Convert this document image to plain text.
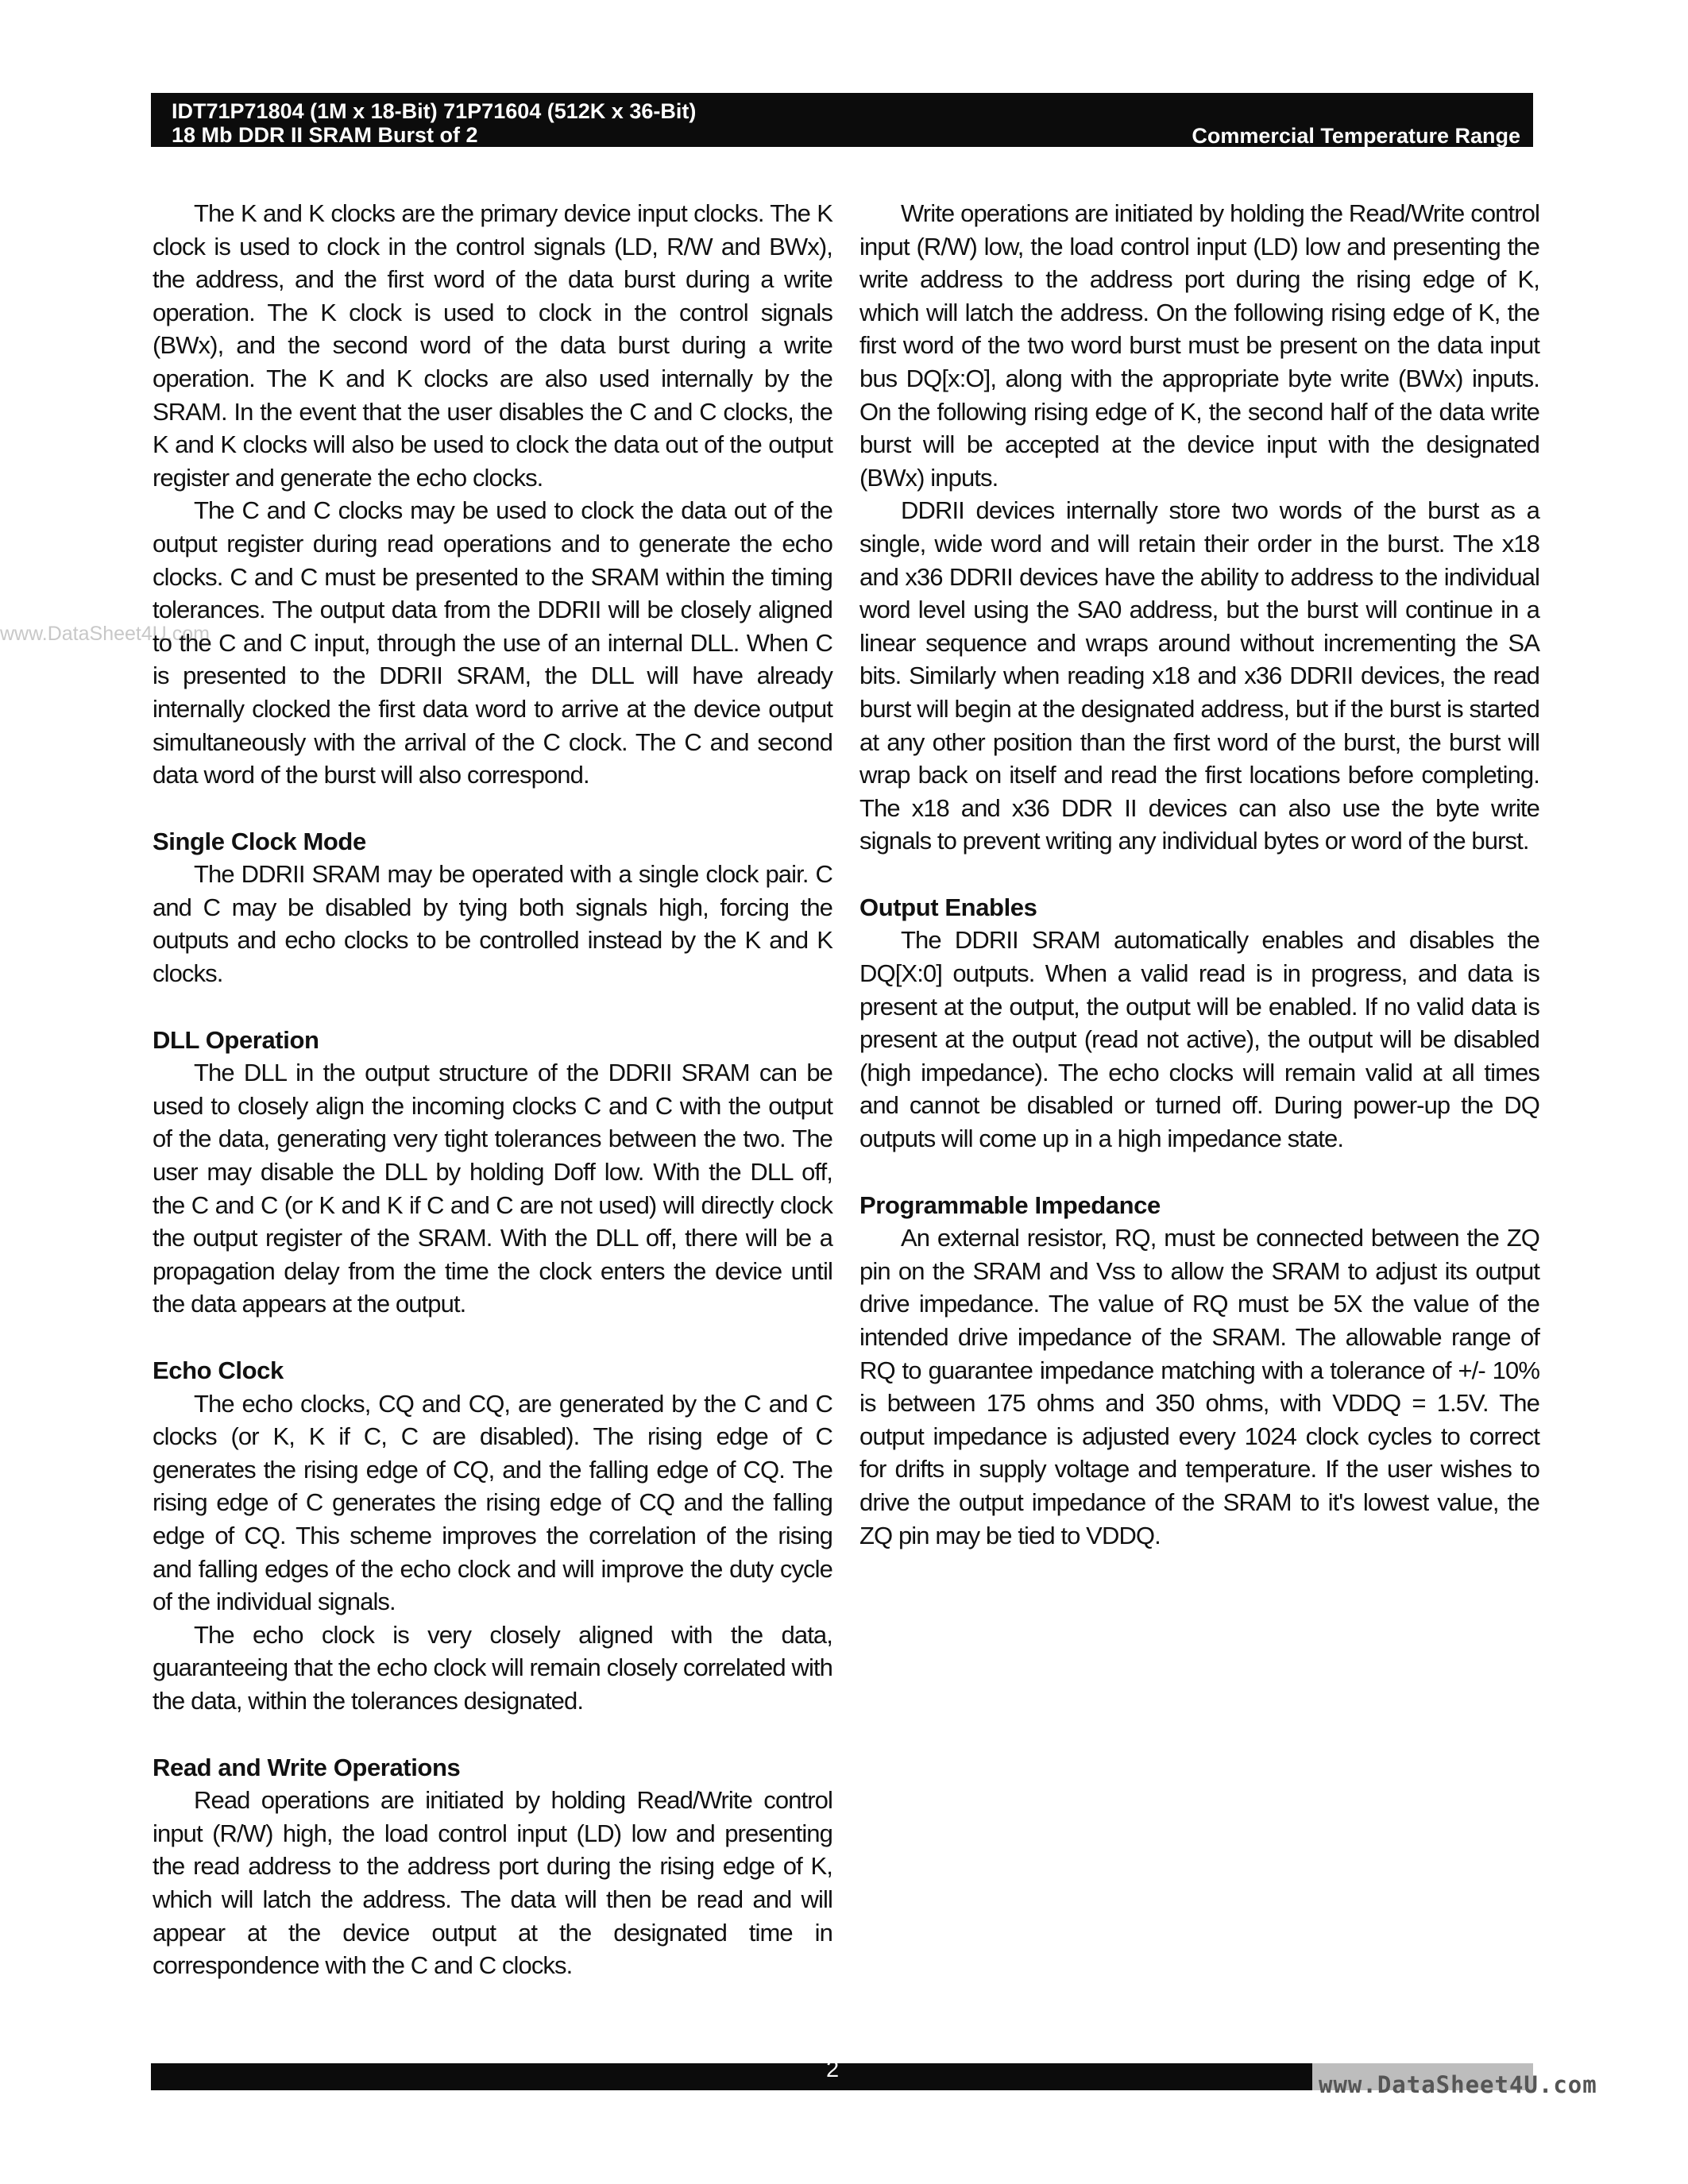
IDT71P71804 (1M x 18-Bit) 71P71604 (512K x 36-Bit)
18 Mb DDR II SRAM Burst of 2	Commercial Temperature Range
www.DataSheet4U.com

The K and K clocks are the primary device input clocks. The K clock is used to clock in the control signals (LD, R/W and BWx), the address, and the first word of the data burst during a write operation. The K clock is used to clock in the control signals (BWx), and the second word of the data burst during a write operation. The K and K clocks are also used internally by the SRAM. In the event that the user disables the C and C clocks, the K and K clocks will also be used to clock the data out of the output register and generate the echo clocks.

The C and C clocks may be used to clock the data out of the output register during read operations and to generate the echo clocks. C and C must be presented to the SRAM within the timing tolerances. The output data from the DDRII will be closely aligned to the C and C input, through the use of an internal DLL. When C is presented to the DDRII SRAM, the DLL will have already internally clocked the first data word to arrive at the device output simultaneously with the arrival of the C clock. The C and second data word of the burst will also correspond.

Single Clock Mode

The DDRII SRAM may be operated with a single clock pair. C and C may be disabled by tying both signals high, forcing the outputs and echo clocks to be controlled instead by the K and K clocks.

DLL Operation

The DLL in the output structure of the DDRII SRAM can be used to closely align the incoming clocks C and C with the output of the data, generating very tight tolerances between the two. The user may disable the DLL by holding Doff low. With the DLL off, the C and C (or K and K if C and C are not used) will directly clock the output register of the SRAM. With the DLL off, there will be a propagation delay from the time the clock enters the device until the data appears at the output.

Echo Clock

The echo clocks, CQ and CQ, are generated by the C and C clocks (or K, K if C, C are disabled). The rising edge of C generates the rising edge of CQ, and the falling edge of CQ. The rising edge of C generates the rising edge of CQ and the falling edge of CQ. This scheme improves the correlation of the rising and falling edges of the echo clock and will improve the duty cycle of the individual signals.

The echo clock is very closely aligned with the data, guaranteeing that the echo clock will remain closely correlated with the data, within the tolerances designated.

Read and Write Operations

Read operations are initiated by holding Read/Write control input (R/W) high, the load control input (LD) low and presenting the read address to the address port during the rising edge of K, which will latch the address. The data will then be read and will appear at the device output at the designated time in correspondence with the C and C clocks.

Write operations are initiated by holding the Read/Write control input (R/W) low, the load control input (LD) low and presenting the write address to the address port during the rising edge of K, which will latch the address. On the following rising edge of K, the first word of the two word burst must be present on the data input bus DQ[x:O], along with the appropriate byte write (BWx) inputs. On the following rising edge of K, the second half of the data write burst will be accepted at the device input with the designated (BWx) inputs.

DDRII devices internally store two words of the burst as a single, wide word and will retain their order in the burst. The x18 and x36 DDRII devices have the ability to address to the individual word level using the SA0 address, but the burst will continue in a linear sequence and wraps around without incrementing the SA bits. Similarly when reading x18 and x36 DDRII devices, the read burst will begin at the designated address, but if the burst is started at any other position than the first word of the burst, the burst will wrap back on itself and read the first locations before completing. The x18 and x36 DDR II devices can also use the byte write signals to prevent writing any individual bytes or word of the burst.

Output Enables

The DDRII SRAM automatically enables and disables the DQ[X:0] outputs. When a valid read is in progress, and data is present at the output, the output will be enabled. If no valid data is present at the output (read not active), the output will be disabled (high impedance). The echo clocks will remain valid at all times and cannot be disabled or turned off. During power-up the DQ outputs will come up in a high impedance state.

Programmable Impedance

An external resistor, RQ, must be connected between the ZQ pin on the SRAM and Vss to allow the SRAM to adjust its output drive impedance. The value of RQ must be 5X the value of the intended drive impedance of the SRAM. The allowable range of RQ to guarantee impedance matching with a tolerance of +/- 10% is between 175 ohms and 350 ohms, with VDDQ = 1.5V. The output impedance is adjusted every 1024 clock cycles to correct for drifts in supply voltage and temperature. If the user wishes to drive the output impedance of the SRAM to it's lowest value, the ZQ pin may be tied to VDDQ.

2
www.DataSheet4U.com
